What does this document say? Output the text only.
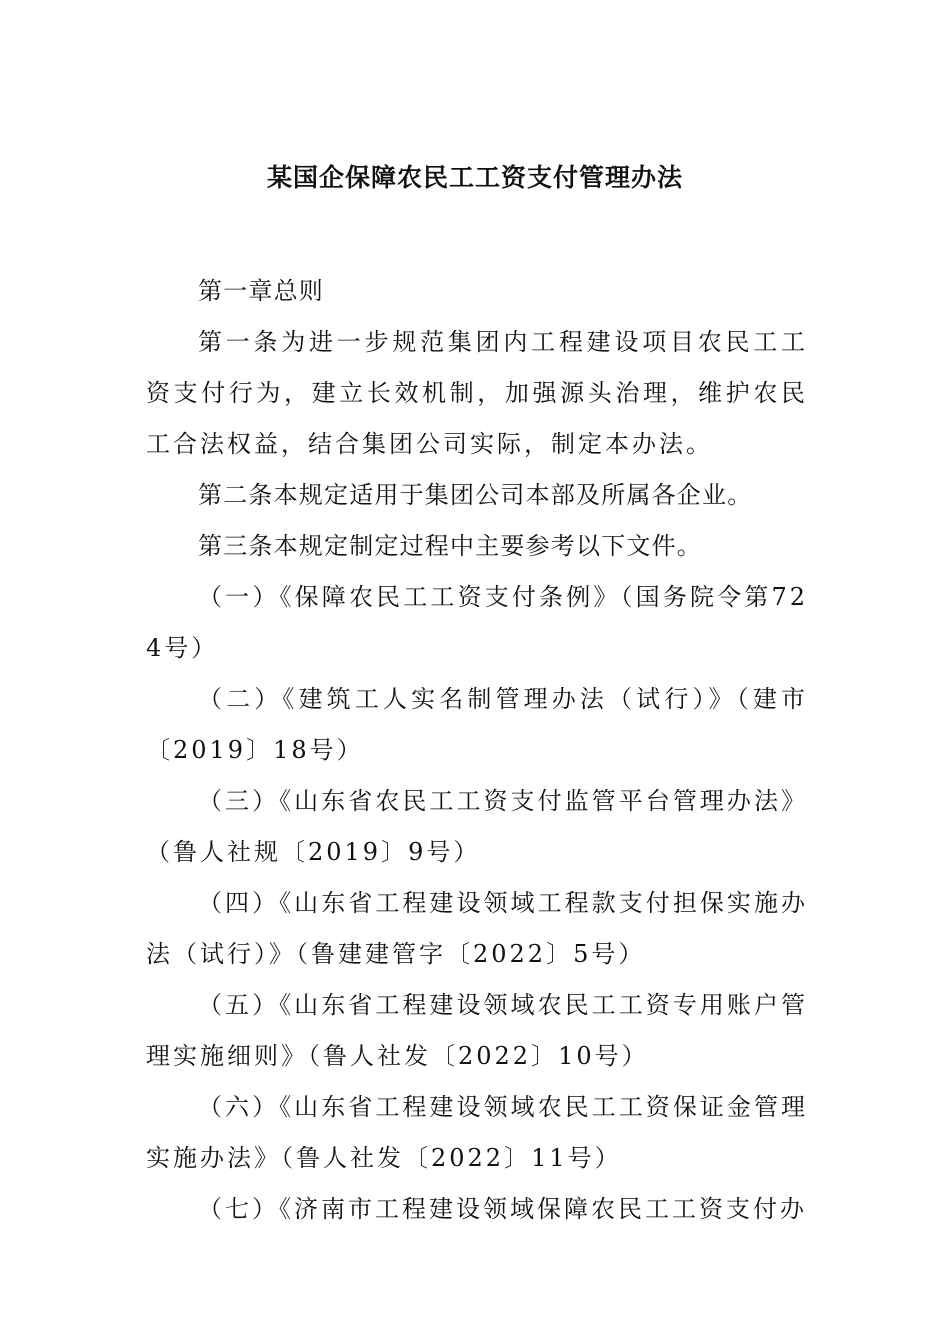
某国企保障农民工工资支付管理办法

第一章总则

第一条为进一步规范集团内工程建设项目农民工工资支付行为，建立长效机制，加强源头治理，维护农民工合法权益，结合集团公司实际，制定本办法。

第二条本规定适用于集团公司本部及所属各企业。

第三条本规定制定过程中主要参考以下文件。

（一）《保障农民工工资支付条例》（国务院令第724号）

（二）《建筑工人实名制管理办法（试行）》（建市〔2019〕18号）

（三）《山东省农民工工资支付监管平台管理办法》（鲁人社规〔2019〕9号）

（四）《山东省工程建设领域工程款支付担保实施办法（试行）》（鲁建建管字〔2022〕5号）

（五）《山东省工程建设领域农民工工资专用账户管理实施细则》（鲁人社发〔2022〕10号）

（六）《山东省工程建设领域农民工工资保证金管理实施办法》（鲁人社发〔2022〕11号）

（七）《济南市工程建设领域保障农民工工资支付办
